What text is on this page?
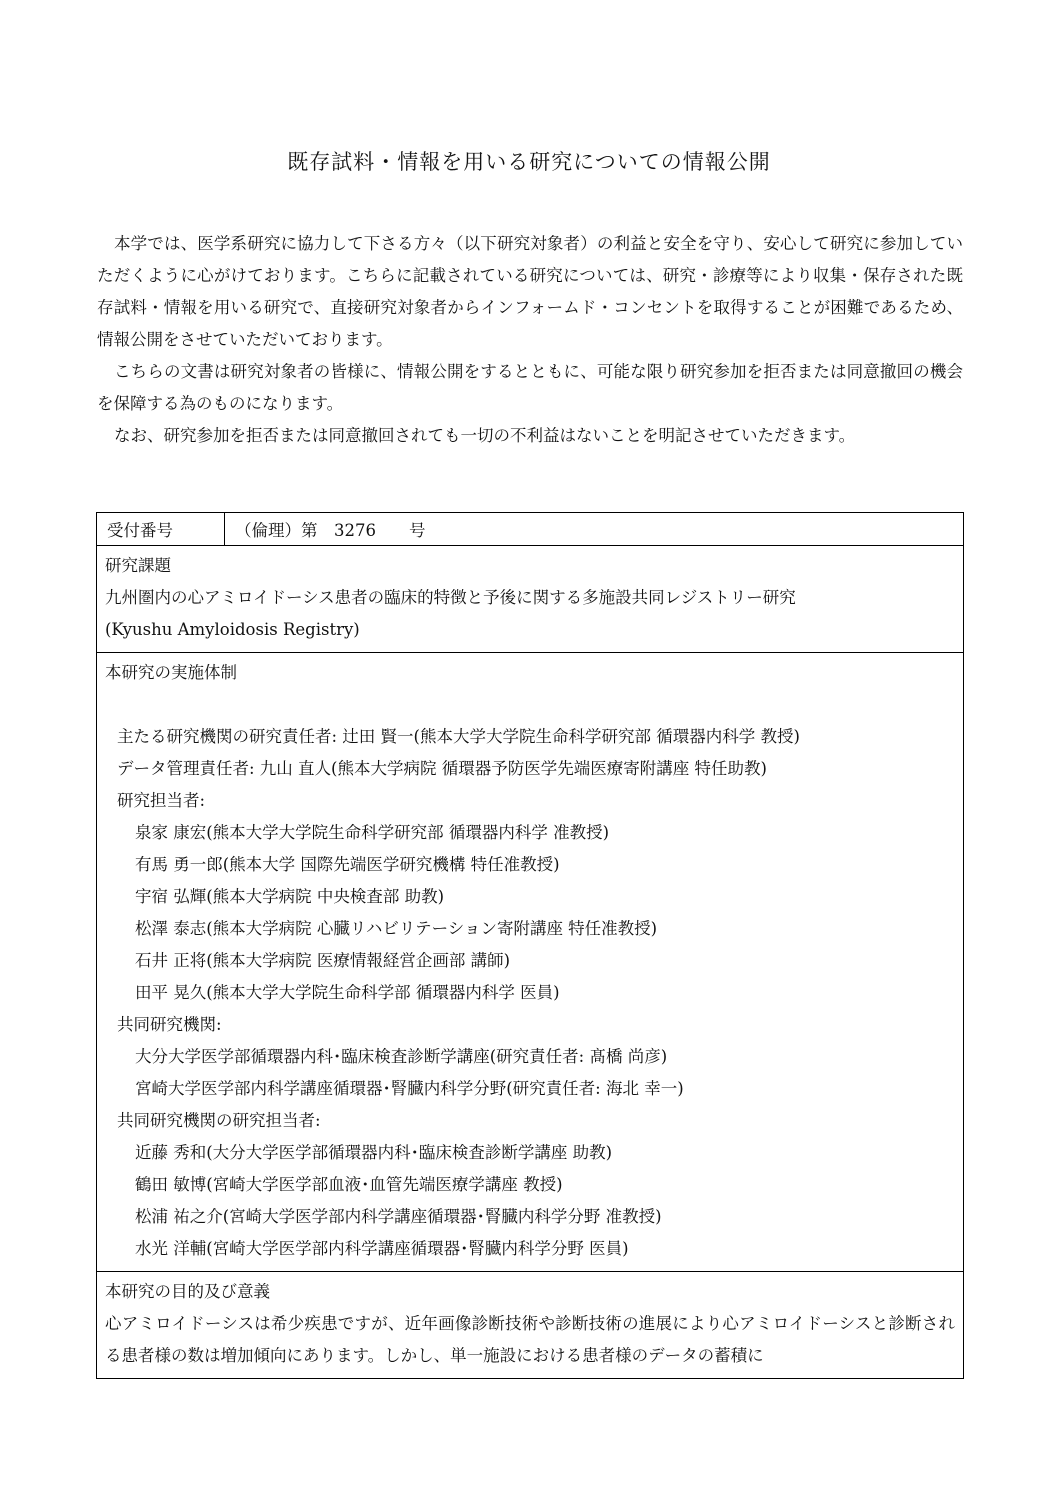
既存試料・情報を用いる研究についての情報公開

本学では、医学系研究に協力して下さる方々（以下研究対象者）の利益と安全を守り、安心して研究に参加していただくように心がけております。こちらに記載されている研究については、研究・診療等により収集・保存された既存試料・情報を用いる研究で、直接研究対象者からインフォームド・コンセントを取得することが困難であるため、情報公開をさせていただいております。

こちらの文書は研究対象者の皆様に、情報公開をするとともに、可能な限り研究参加を拒否または同意撤回の機会を保障する為のものになります。

なお、研究参加を拒否または同意撤回されても一切の不利益はないことを明記させていただきます。

受付番号	（倫理）第　3276　　号
研究課題
九州圏内の心アミロイドーシス患者の臨床的特徴と予後に関する多施設共同レジストリー研究
(Kyushu Amyloidosis Registry)
本研究の実施体制
主たる研究機関の研究責任者: 辻田 賢一(熊本大学大学院生命科学研究部 循環器内科学 教授)
データ管理責任者: 九山 直人(熊本大学病院 循環器予防医学先端医療寄附講座 特任助教)
研究担当者:
泉家 康宏(熊本大学大学院生命科学研究部 循環器内科学 准教授)
有馬 勇一郎(熊本大学 国際先端医学研究機構 特任准教授)
宇宿 弘輝(熊本大学病院 中央検査部 助教)
松澤 泰志(熊本大学病院 心臓リハビリテーション寄附講座 特任准教授)
石井 正将(熊本大学病院 医療情報経営企画部 講師)
田平 晃久(熊本大学大学院生命科学部 循環器内科学 医員)
共同研究機関:
大分大学医学部循環器内科･臨床検査診断学講座(研究責任者: 髙橋 尚彦)
宮崎大学医学部内科学講座循環器･腎臓内科学分野(研究責任者: 海北 幸一)
共同研究機関の研究担当者:
近藤 秀和(大分大学医学部循環器内科･臨床検査診断学講座 助教)
鶴田 敏博(宮崎大学医学部血液･血管先端医療学講座 教授)
松浦 祐之介(宮崎大学医学部内科学講座循環器･腎臓内科学分野 准教授)
水光 洋輔(宮崎大学医学部内科学講座循環器･腎臓内科学分野 医員)
本研究の目的及び意義
心アミロイドーシスは希少疾患ですが、近年画像診断技術や診断技術の進展により心アミロイドーシスと診断される患者様の数は増加傾向にあります。しかし、単一施設における患者様のデータの蓄積に
